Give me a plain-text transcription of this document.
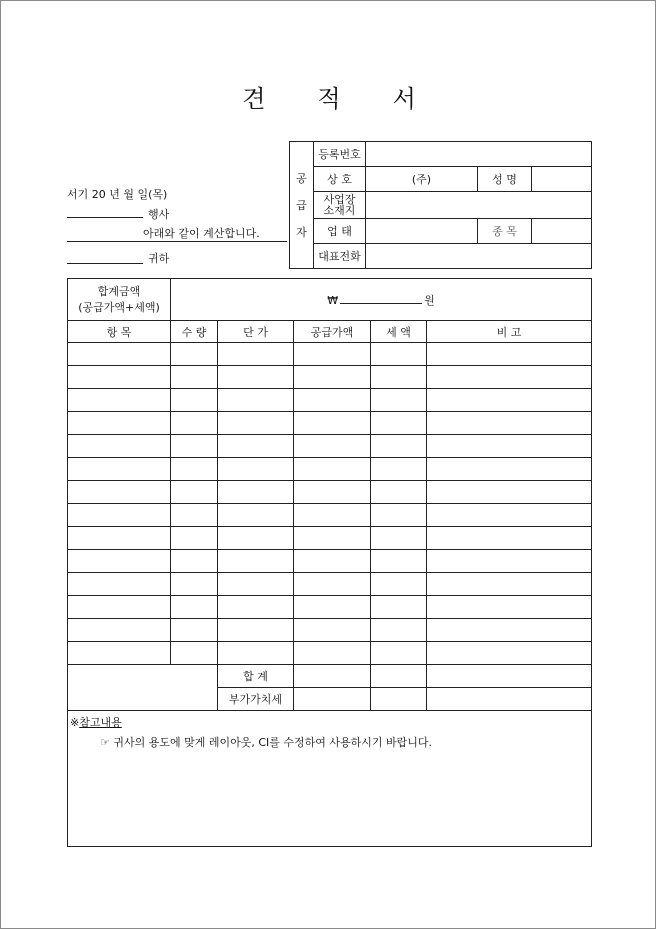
견적서
서기 20 년 월 일(목)
행사
아래와 같이 계산합니다.
귀하
공
급
자	등록번호			
	상 호	(주)	성 명	

	사업장
소재지			

	업 태		종 목	
	대표전화			
합계금액
(공급가액+세액)	₩ 원				
항 목	수 량	단 가	공급가액	세 액	비 고

		합 계			
		부가가치세			

※참고내용
☞ 귀사의 용도에 맞게 레이아웃, CI를 수정하여 사용하시기 바랍니다.					
